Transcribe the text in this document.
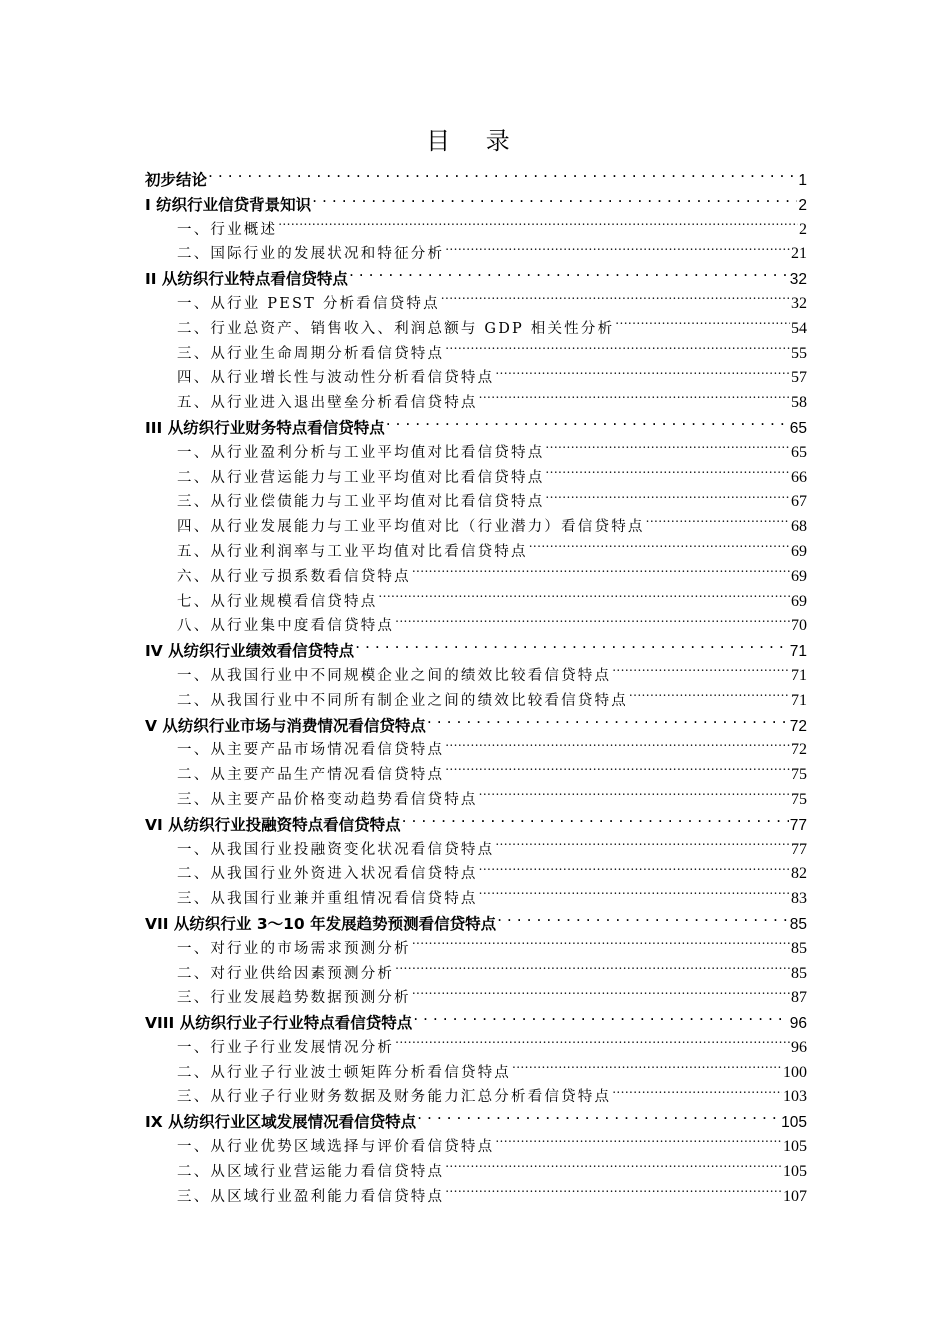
目 录
初步结论 . . .	1
I 纺织行业信贷背景知识 . . .	2
一、行业概述 .....	2
二、国际行业的发展状况和特征分析 .....	21
II 从纺织行业特点看信贷特点 . . .	32
一、从行业 PEST 分析看信贷特点 .....	32
二、行业总资产、销售收入、利润总额与 GDP 相关性分析 .....	54
三、从行业生命周期分析看信贷特点 .....	55
四、从行业增长性与波动性分析看信贷特点 .....	57
五、从行业进入退出壁垒分析看信贷特点 .....	58
III 从纺织行业财务特点看信贷特点 . . .	65
一、从行业盈利分析与工业平均值对比看信贷特点 .....	65
二、从行业营运能力与工业平均值对比看信贷特点 .....	66
三、从行业偿债能力与工业平均值对比看信贷特点 .....	67
四、从行业发展能力与工业平均值对比（行业潜力）看信贷特点 .....	68
五、从行业利润率与工业平均值对比看信贷特点 .....	69
六、从行业亏损系数看信贷特点 .....	69
七、从行业规模看信贷特点 .....	69
八、从行业集中度看信贷特点 .....	70
IV 从纺织行业绩效看信贷特点 . . .	71
一、从我国行业中不同规模企业之间的绩效比较看信贷特点 .....	71
二、从我国行业中不同所有制企业之间的绩效比较看信贷特点 .....	71
V 从纺织行业市场与消费情况看信贷特点 . . .	72
一、从主要产品市场情况看信贷特点 .....	72
二、从主要产品生产情况看信贷特点 .....	75
三、从主要产品价格变动趋势看信贷特点 .....	75
VI 从纺织行业投融资特点看信贷特点 . . .	77
一、从我国行业投融资变化状况看信贷特点 .....	77
二、从我国行业外资进入状况看信贷特点 .....	82
三、从我国行业兼并重组情况看信贷特点 .....	83
VII 从纺织行业 3～10 年发展趋势预测看信贷特点 . . .	85
一、对行业的市场需求预测分析 .....	85
二、对行业供给因素预测分析 .....	85
三、行业发展趋势数据预测分析 .....	87
VIII 从纺织行业子行业特点看信贷特点 . . .	96
一、行业子行业发展情况分析 .....	96
二、从行业子行业波士顿矩阵分析看信贷特点 .....	100
三、从行业子行业财务数据及财务能力汇总分析看信贷特点 .....	103
IX 从纺织行业区域发展情况看信贷特点 . . .	105
一、从行业优势区域选择与评价看信贷特点 .....	105
二、从区域行业营运能力看信贷特点 .....	105
三、从区域行业盈利能力看信贷特点 .....	107
